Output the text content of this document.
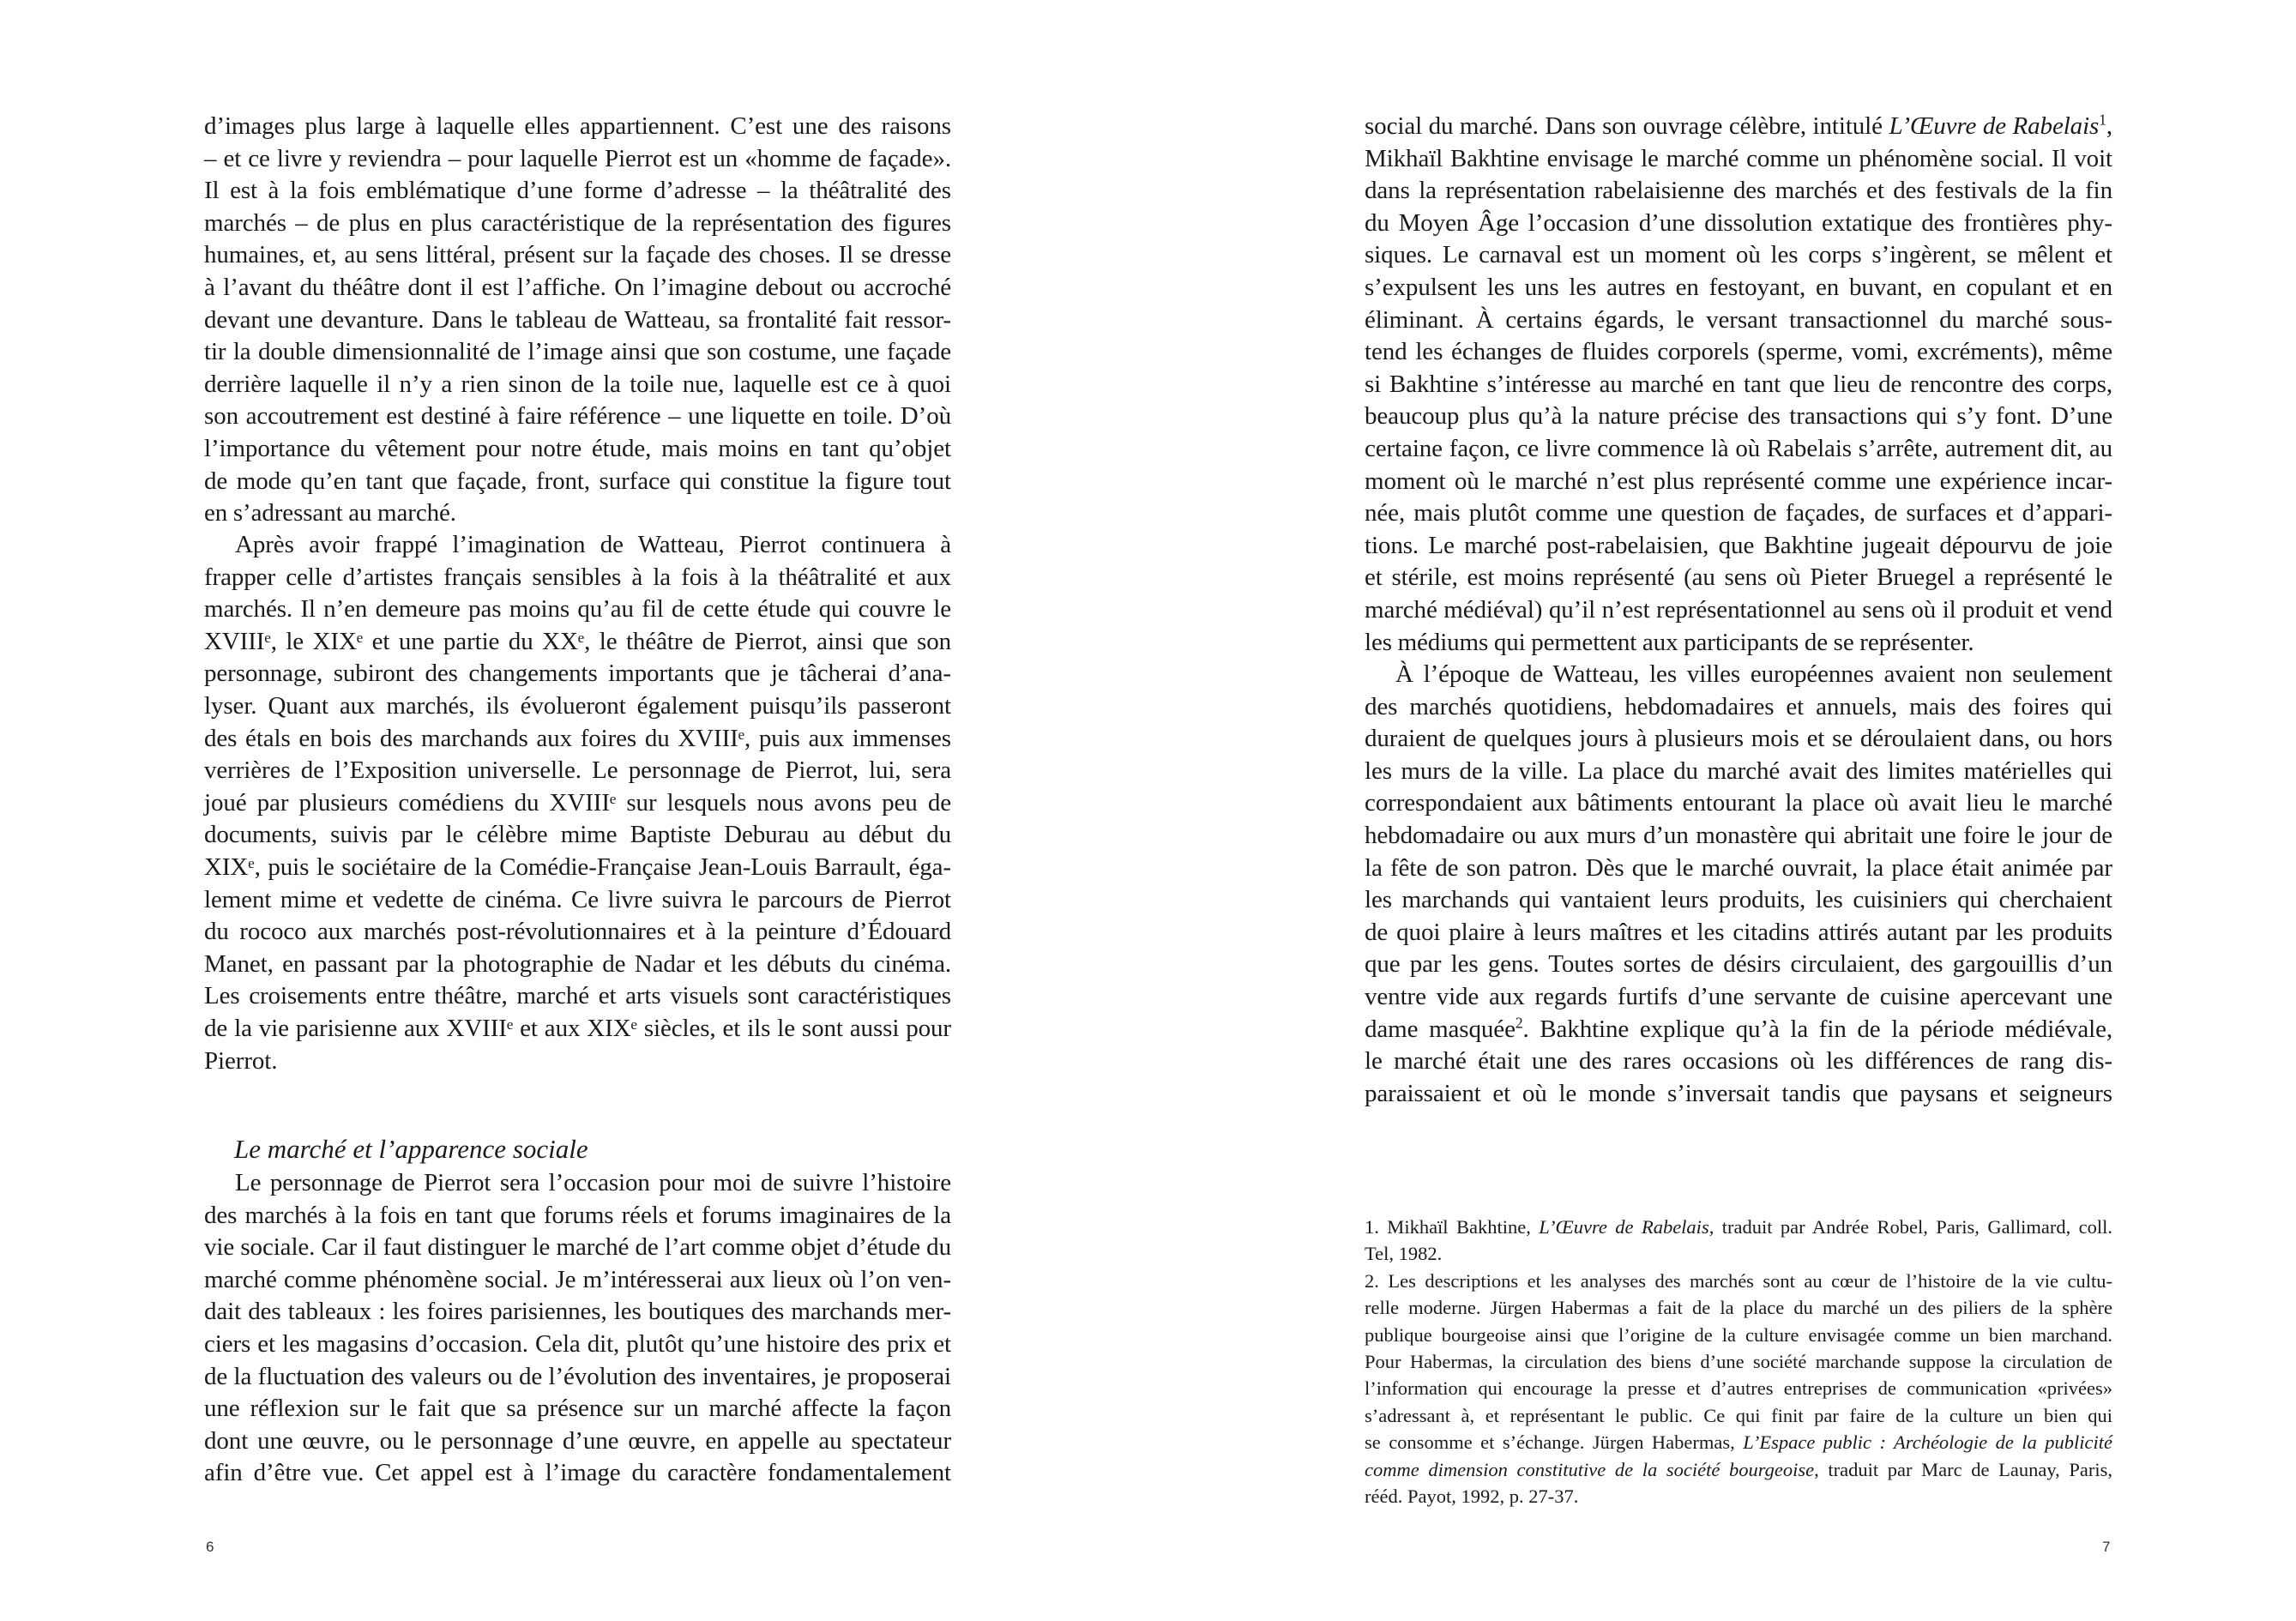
d’images plus large à laquelle elles appartiennent. C’est une des raisons
– et ce livre y reviendra – pour laquelle Pierrot est un «homme de façade».
Il est à la fois emblématique d’une forme d’adresse – la théâtralité des
marchés – de plus en plus caractéristique de la représentation des figures
humaines, et, au sens littéral, présent sur la façade des choses. Il se dresse
à l’avant du théâtre dont il est l’affiche. On l’imagine debout ou accroché
devant une devanture. Dans le tableau de Watteau, sa frontalité fait ressor-
tir la double dimensionnalité de l’image ainsi que son costume, une façade
derrière laquelle il n’y a rien sinon de la toile nue, laquelle est ce à quoi
son accoutrement est destiné à faire référence – une liquette en toile. D’où
l’importance du vêtement pour notre étude, mais moins en tant qu’objet
de mode qu’en tant que façade, front, surface qui constitue la figure tout
en s’adressant au marché.
Après avoir frappé l’imagination de Watteau, Pierrot continuera à
frapper celle d’artistes français sensibles à la fois à la théâtralité et aux
marchés. Il n’en demeure pas moins qu’au fil de cette étude qui couvre le
XVIIIᵉ, le XIXᵉ et une partie du XXᵉ, le théâtre de Pierrot, ainsi que son
personnage, subiront des changements importants que je tâcherai d’ana-
lyser. Quant aux marchés, ils évolueront également puisqu’ils passeront
des étals en bois des marchands aux foires du XVIIIᵉ, puis aux immenses
verrières de l’Exposition universelle. Le personnage de Pierrot, lui, sera
joué par plusieurs comédiens du XVIIIᵉ sur lesquels nous avons peu de
documents, suivis par le célèbre mime Baptiste Deburau au début du
XIXᵉ, puis le sociétaire de la Comédie-Française Jean-Louis Barrault, éga-
lement mime et vedette de cinéma. Ce livre suivra le parcours de Pierrot
du rococo aux marchés post-révolutionnaires et à la peinture d’Édouard
Manet, en passant par la photographie de Nadar et les débuts du cinéma.
Les croisements entre théâtre, marché et arts visuels sont caractéristiques
de la vie parisienne aux XVIIIᵉ et aux XIXᵉ siècles, et ils le sont aussi pour
Pierrot.
Le marché et l’apparence sociale
Le personnage de Pierrot sera l’occasion pour moi de suivre l’histoire
des marchés à la fois en tant que forums réels et forums imaginaires de la
vie sociale. Car il faut distinguer le marché de l’art comme objet d’étude du
marché comme phénomène social. Je m’intéresserai aux lieux où l’on ven-
dait des tableaux : les foires parisiennes, les boutiques des marchands mer-
ciers et les magasins d’occasion. Cela dit, plutôt qu’une histoire des prix et
de la fluctuation des valeurs ou de l’évolution des inventaires, je proposerai
une réflexion sur le fait que sa présence sur un marché affecte la façon
dont une œuvre, ou le personnage d’une œuvre, en appelle au spectateur
afin d’être vue. Cet appel est à l’image du caractère fondamentalement
6
social du marché. Dans son ouvrage célèbre, intitulé L’Œuvre de Rabelais$^1$,
Mikhaïl Bakhtine envisage le marché comme un phénomène social. Il voit
dans la représentation rabelaisienne des marchés et des festivals de la fin
du Moyen Âge l’occasion d’une dissolution extatique des frontières phy-
siques. Le carnaval est un moment où les corps s’ingèrent, se mêlent et
s’expulsent les uns les autres en festoyant, en buvant, en copulant et en
éliminant. À certains égards, le versant transactionnel du marché sous-
tend les échanges de fluides corporels (sperme, vomi, excréments), même
si Bakhtine s’intéresse au marché en tant que lieu de rencontre des corps,
beaucoup plus qu’à la nature précise des transactions qui s’y font. D’une
certaine façon, ce livre commence là où Rabelais s’arrête, autrement dit, au
moment où le marché n’est plus représenté comme une expérience incar-
née, mais plutôt comme une question de façades, de surfaces et d’appari-
tions. Le marché post-rabelaisien, que Bakhtine jugeait dépourvu de joie
et stérile, est moins représenté (au sens où Pieter Bruegel a représenté le
marché médiéval) qu’il n’est représentationnel au sens où il produit et vend
les médiums qui permettent aux participants de se représenter.
À l’époque de Watteau, les villes européennes avaient non seulement
des marchés quotidiens, hebdomadaires et annuels, mais des foires qui
duraient de quelques jours à plusieurs mois et se déroulaient dans, ou hors
les murs de la ville. La place du marché avait des limites matérielles qui
correspondaient aux bâtiments entourant la place où avait lieu le marché
hebdomadaire ou aux murs d’un monastère qui abritait une foire le jour de
la fête de son patron. Dès que le marché ouvrait, la place était animée par
les marchands qui vantaient leurs produits, les cuisiniers qui cherchaient
de quoi plaire à leurs maîtres et les citadins attirés autant par les produits
que par les gens. Toutes sortes de désirs circulaient, des gargouillis d’un
ventre vide aux regards furtifs d’une servante de cuisine apercevant une
dame masquée$^2$. Bakhtine explique qu’à la fin de la période médiévale,
le marché était une des rares occasions où les différences de rang dis-
paraissaient et où le monde s’inversait tandis que paysans et seigneurs
1. Mikhaïl Bakhtine, L’Œuvre de Rabelais, traduit par Andrée Robel, Paris, Gallimard, coll.
Tel, 1982.
2. Les descriptions et les analyses des marchés sont au cœur de l’histoire de la vie cultu-
relle moderne. Jürgen Habermas a fait de la place du marché un des piliers de la sphère
publique bourgeoise ainsi que l’origine de la culture envisagée comme un bien marchand.
Pour Habermas, la circulation des biens d’une société marchande suppose la circulation de
l’information qui encourage la presse et d’autres entreprises de communication «privées»
s’adressant à, et représentant le public. Ce qui finit par faire de la culture un bien qui
se consomme et s’échange. Jürgen Habermas, L’Espace public : Archéologie de la publicité
comme dimension constitutive de la société bourgeoise, traduit par Marc de Launay, Paris,
rééd. Payot, 1992, p. 27-37.
7
